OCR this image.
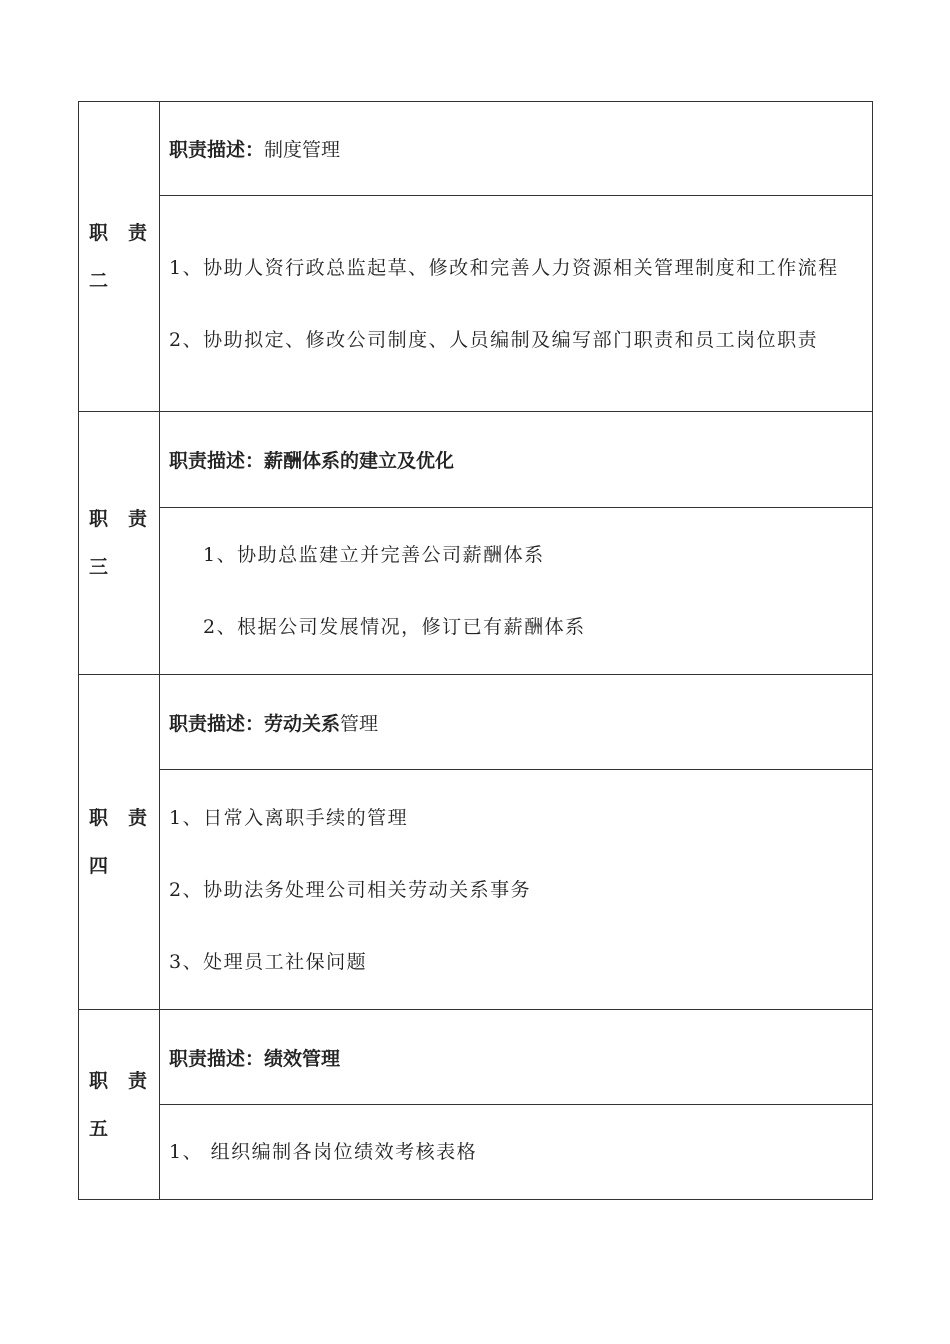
职 责
二	职责描述：制度管理

	1、协助人资行政总监起草、修改和完善人力资源相关管理制度和工作流程
2、协助拟定、修改公司制度、人员编制及编写部门职责和员工岗位职责

职 责
三	职责描述：薪酬体系的建立及优化

	1、协助总监建立并完善公司薪酬体系
2、根据公司发展情况，修订已有薪酬体系

职 责
四	职责描述：劳动关系管理

	1、日常入离职手续的管理
2、协助法务处理公司相关劳动关系事务
3、处理员工社保问题

职 责
五	职责描述：绩效管理

	1、 组织编制各岗位绩效考核表格
